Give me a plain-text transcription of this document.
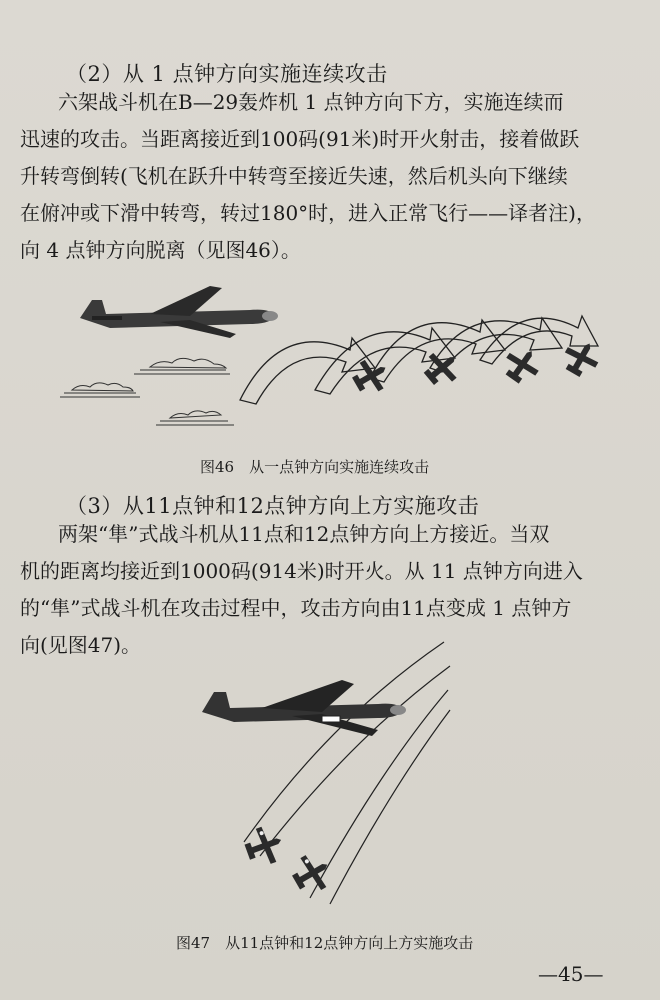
（2）从 1 点钟方向实施连续攻击
六架战斗机在B—29轰炸机 1 点钟方向下方，实施连续而
迅速的攻击。当距离接近到100码(91米)时开火射击，接着做跃
升转弯倒转(飞机在跃升中转弯至接近失速，然后机头向下继续
在俯冲或下滑中转弯，转过180°时，进入正常飞行——译者注)，
向 4 点钟方向脱离（见图46）。
图46　从一点钟方向实施连续攻击
（3）从11点钟和12点钟方向上方实施攻击
两架“隼”式战斗机从11点和12点钟方向上方接近。当双
机的距离均接近到1000码(914米)时开火。从 11 点钟方向进入
的“隼”式战斗机在攻击过程中，攻击方向由11点变成 1 点钟方
向(见图47)。
图47　从11点钟和12点钟方向上方实施攻击
—45—
